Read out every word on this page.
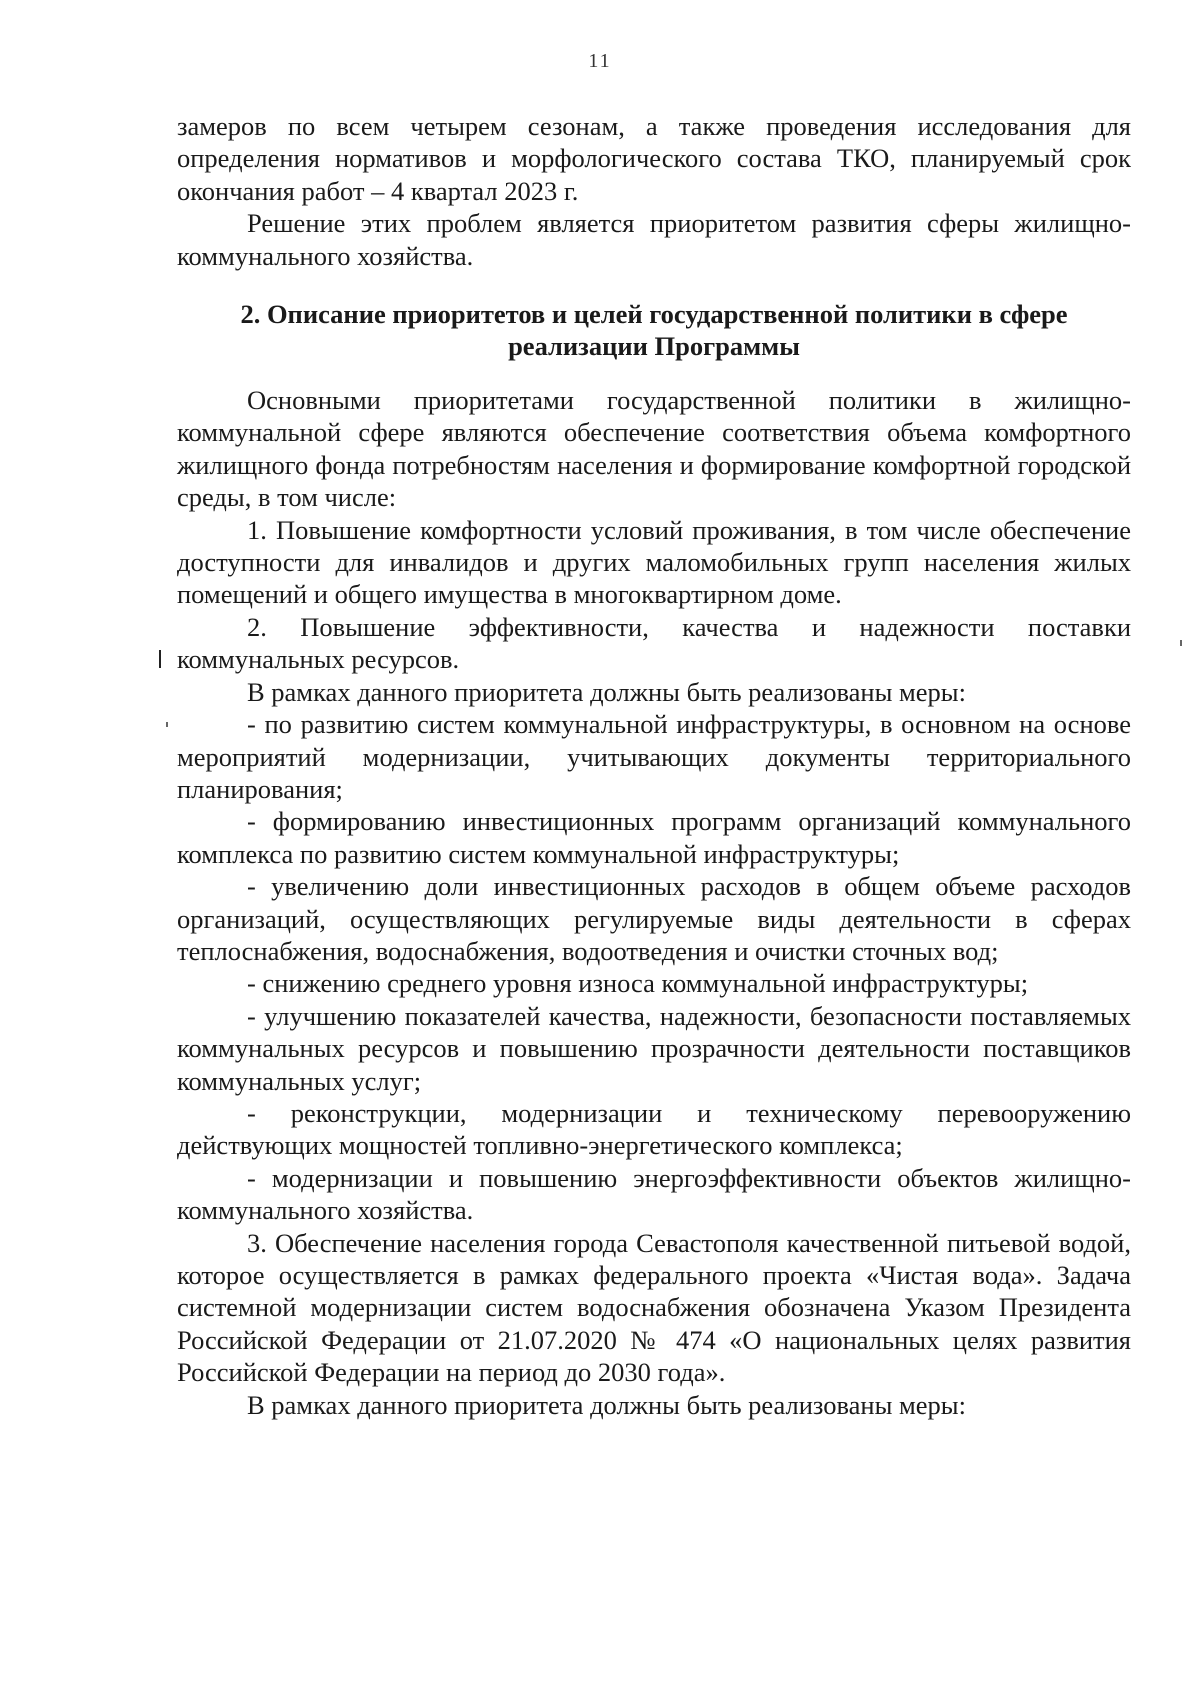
11

замеров по всем четырем сезонам, а также проведения исследования для определения нормативов и морфологического состава ТКО, планируемый срок окончания работ – 4 квартал 2023 г.

Решение этих проблем является приоритетом развития сферы жилищно-коммунального хозяйства.

2. Описание приоритетов и целей государственной политики в сфере реализации Программы

Основными приоритетами государственной политики в жилищно-коммунальной сфере являются обеспечение соответствия объема комфортного жилищного фонда потребностям населения и формирование комфортной городской среды, в том числе:

1. Повышение комфортности условий проживания, в том числе обеспечение доступности для инвалидов и других маломобильных групп населения жилых помещений и общего имущества в многоквартирном доме.

2. Повышение эффективности, качества и надежности поставки коммунальных ресурсов.

В рамках данного приоритета должны быть реализованы меры:

- по развитию систем коммунальной инфраструктуры, в основном на основе мероприятий модернизации, учитывающих документы территориального планирования;

- формированию инвестиционных программ организаций коммунального комплекса по развитию систем коммунальной инфраструктуры;

- увеличению доли инвестиционных расходов в общем объеме расходов организаций, осуществляющих регулируемые виды деятельности в сферах теплоснабжения, водоснабжения, водоотведения и очистки сточных вод;

- снижению среднего уровня износа коммунальной инфраструктуры;

- улучшению показателей качества, надежности, безопасности поставляемых коммунальных ресурсов и повышению прозрачности деятельности поставщиков коммунальных услуг;

- реконструкции, модернизации и техническому перевооружению действующих мощностей топливно-энергетического комплекса;

- модернизации и повышению энергоэффективности объектов жилищно-коммунального хозяйства.

3. Обеспечение населения города Севастополя качественной питьевой водой, которое осуществляется в рамках федерального проекта «Чистая вода». Задача системной модернизации систем водоснабжения обозначена Указом Президента Российской Федерации от 21.07.2020 № 474 «О национальных целях развития Российской Федерации на период до 2030 года».

В рамках данного приоритета должны быть реализованы меры:
